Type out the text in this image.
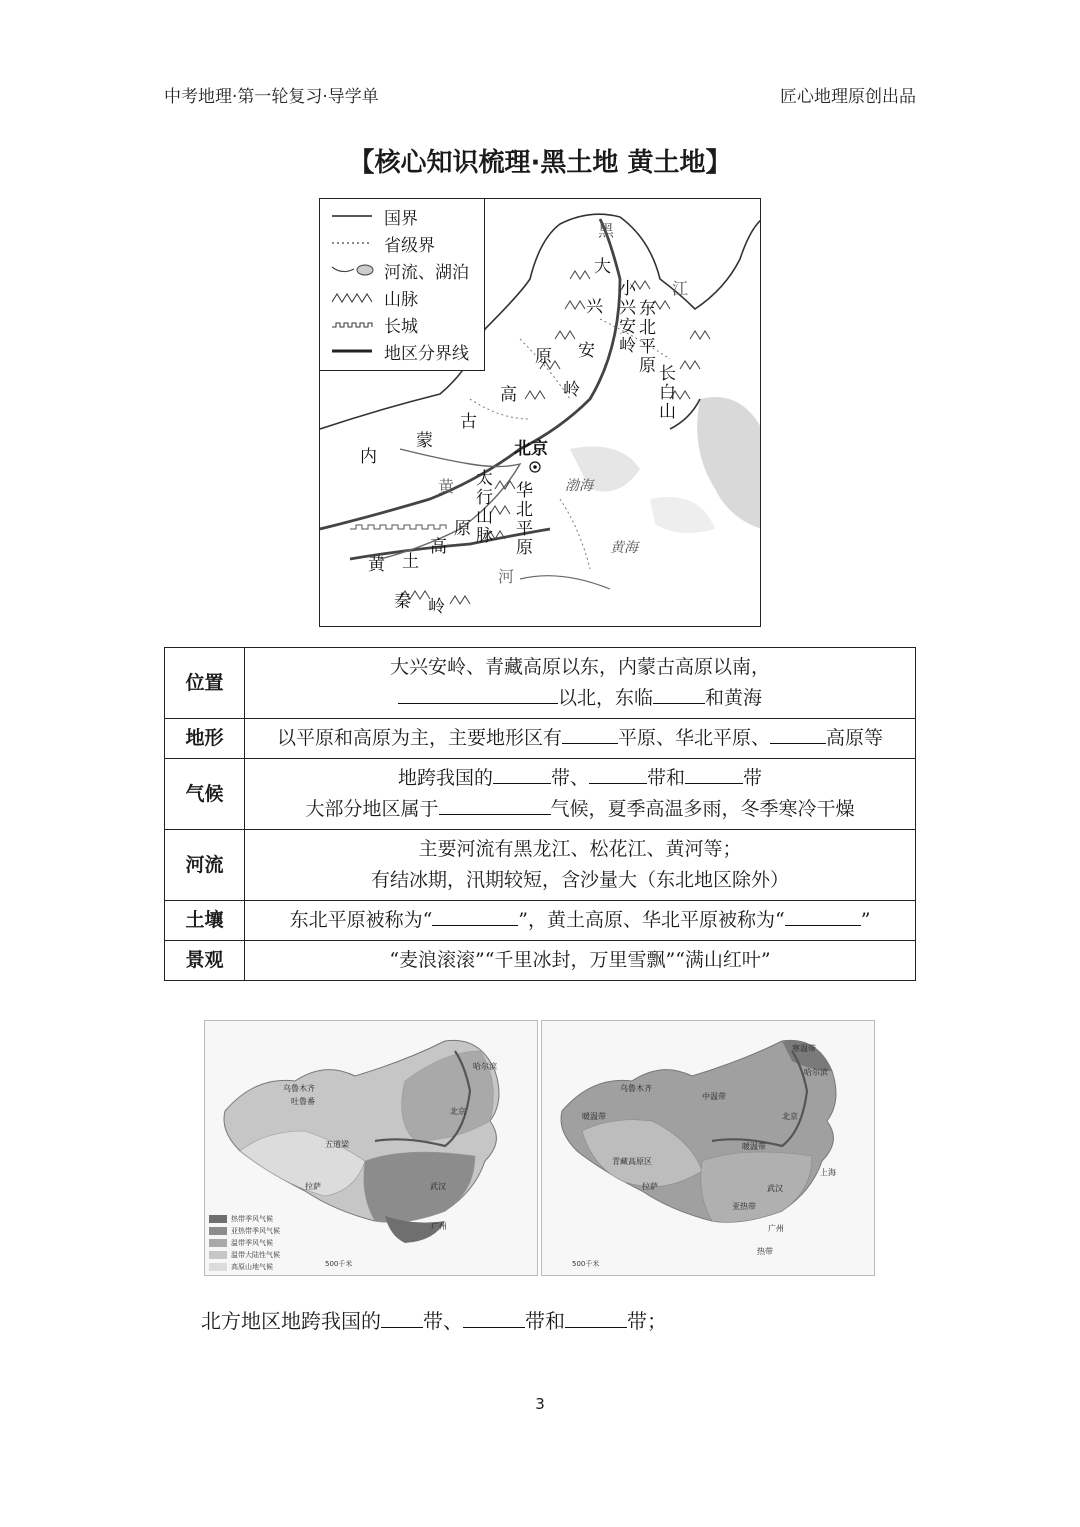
中考地理·第一轮复习·导学单	匠心地理原创出品
【核心知识梳理·黑土地 黄土地】
国界
省级界
河流、湖泊
山脉
长城
地区分界线
大
兴
安
岭
原
高
古
蒙
内
小兴安岭 东北平原
长白山
黑
江
北京
渤海
黄海
太行山脉 华北平原
原
黄 土
高
黄
河
秦 岭
位置	大兴安岭、青藏高原以东，内蒙古高原以南，
以北，东临 和黄海

地形	以平原和高原为主，主要地形区有 平原、华北平原、 高原等
气候	地跨我国的 带、 带和 带
大部分地区属于 气候，夏季高温多雨，冬季寒冷干燥

河流	主要河流有黑龙江、松花江、黄河等；
有结冰期，汛期较短，含沙量大（东北地区除外）

土壤	东北平原被称为“ ”，黄土高原、华北平原被称为“ ”
景观	“麦浪滚滚”“千里冰封，万里雪飘”“满山红叶”
乌鲁木齐
吐鲁番
哈尔滨
北京
五道梁
拉萨	武汉
广州
热带季风气候
亚热带季风气候
温带季风气候
温带大陆性气候
高原山地气候	500千米
寒温带
中温带
暖温带
暖温带
青藏高原区
亚热带
热带
乌鲁木齐
哈尔滨
北京
上海
拉萨	武汉
广州
500千米
北方地区地跨我国的 带、	带和	带；
3
